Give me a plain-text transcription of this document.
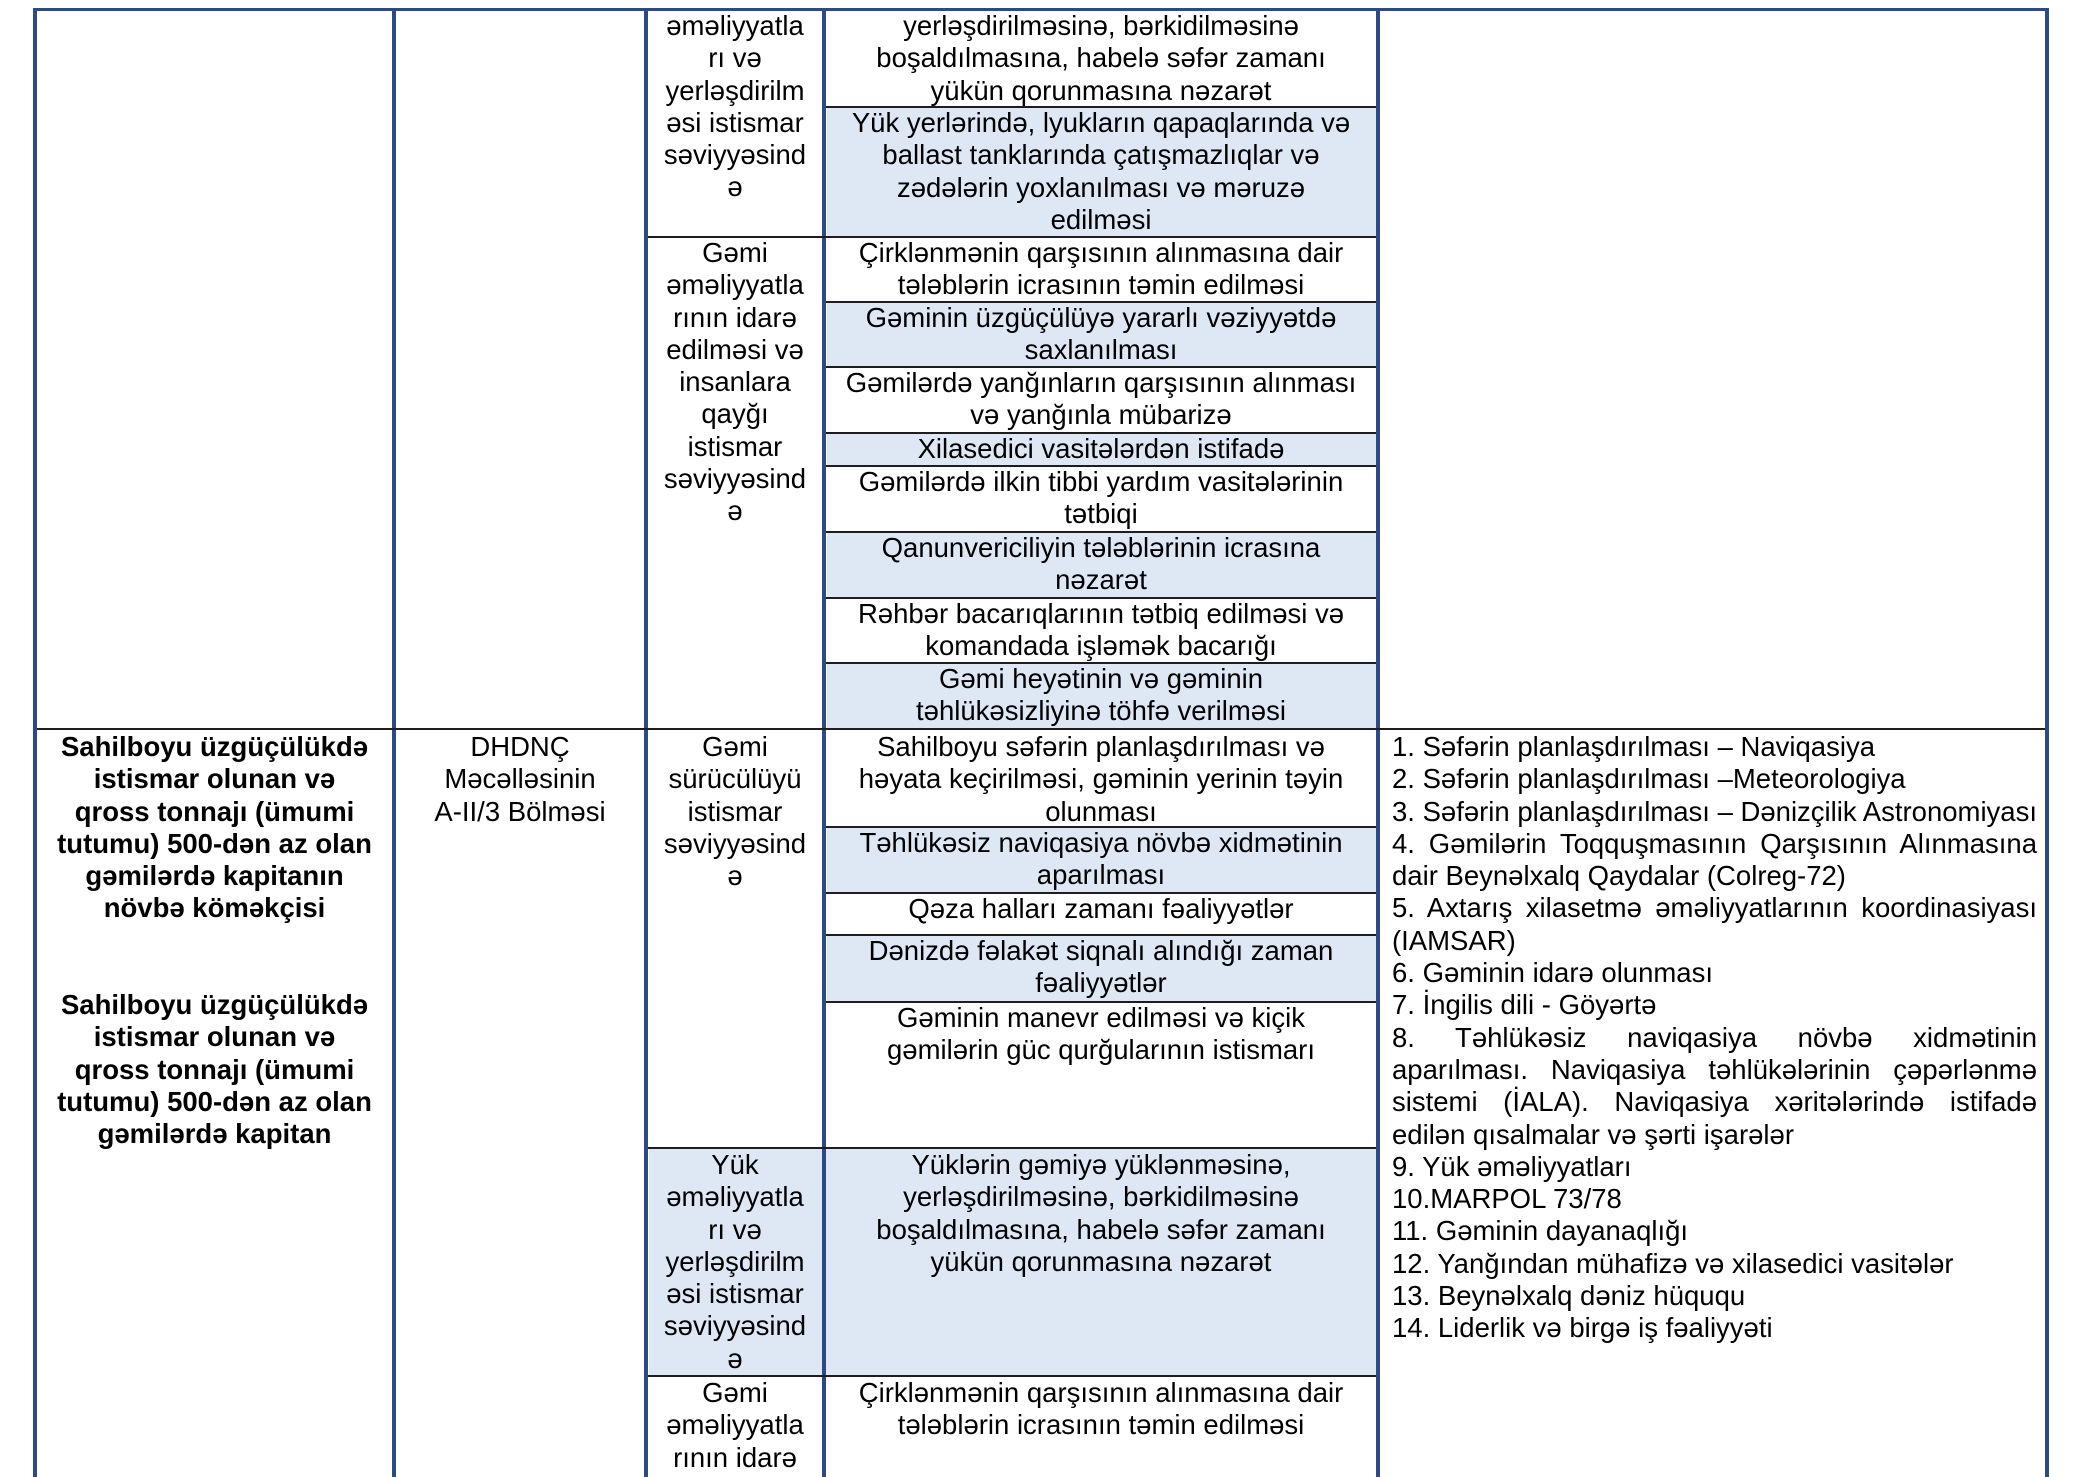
əməliyyatla
rı və
yerləşdirilm
əsi istismar
səviyyəsind
ə
Gəmi
əməliyyatla
rının idarə
edilməsi və
insanlara
qayğı
istismar
səviyyəsind
ə
yerləşdirilməsinə, bərkidilməsinə
boşaldılmasına, habelə səfər zamanı
yükün qorunmasına nəzarət
Yük yerlərində, lyukların qapaqlarında və
ballast tanklarında çatışmazlıqlar və
zədələrin yoxlanılması və məruzə
edilməsi
Çirklənmənin qarşısının alınmasına dair
tələblərin icrasının təmin edilməsi
Gəminin üzgüçülüyə yararlı vəziyyətdə
saxlanılması
Gəmilərdə yanğınların qarşısının alınması
və yanğınla mübarizə
Xilasedici vasitələrdən istifadə
Gəmilərdə ilkin tibbi yardım vasitələrinin
tətbiqi
Qanunvericiliyin tələblərinin icrasına
nəzarət
Rəhbər bacarıqlarının tətbiq edilməsi və
komandada işləmək bacarığı
Gəmi heyətinin və gəminin
təhlükəsizliyinə töhfə verilməsi
Sahilboyu üzgüçülükdə
istismar olunan və
qross tonnajı (ümumi
tutumu) 500-dən az olan
gəmilərdə kapitanın
növbə köməkçisi
Sahilboyu üzgüçülükdə
istismar olunan və
qross tonnajı (ümumi
tutumu) 500-dən az olan
gəmilərdə kapitan
DHDNÇ
Məcəlləsinin
A-II/3 Bölməsi
Gəmi
sürücülüyü
istismar
səviyyəsind
ə
Yük
əməliyyatla
rı və
yerləşdirilm
əsi istismar
səviyyəsind
ə
Gəmi
əməliyyatla
rının idarə
Sahilboyu səfərin planlaşdırılması və
həyata keçirilməsi, gəminin yerinin təyin
olunması
Təhlükəsiz naviqasiya növbə xidmətinin
aparılması
Qəza halları zamanı fəaliyyətlər
Dənizdə fəlakət siqnalı alındığı zaman
fəaliyyətlər
Gəminin manevr edilməsi və kiçik
gəmilərin güc qurğularının istismarı
Yüklərin gəmiyə yüklənməsinə,
yerləşdirilməsinə, bərkidilməsinə
boşaldılmasına, habelə səfər zamanı
yükün qorunmasına nəzarət
Çirklənmənin qarşısının alınmasına dair
tələblərin icrasının təmin edilməsi
1. Səfərin planlaşdırılması – Naviqasiya
2. Səfərin planlaşdırılması –Meteorologiya
3. Səfərin planlaşdırılması – Dənizçilik Astronomiyası
4. Gəmilərin Toqquşmasının Qarşısının Alınmasına dair Beynəlxalq Qaydalar (Colreg-72)
5. Axtarış xilasetmə əməliyyatlarının koordinasiyası (IAMSAR)
6. Gəminin idarə olunması
7. İngilis dili - Göyərtə
8. Təhlükəsiz naviqasiya növbə xidmətinin aparılması. Naviqasiya təhlükələrinin çəpərlənmə sistemi (İALA). Naviqasiya xəritələrində istifadə edilən qısalmalar və şərti işarələr
9. Yük əməliyyatları
10.MARPOL 73/78
11. Gəminin dayanaqlığı
12. Yanğından mühafizə və xilasedici vasitələr
13. Beynəlxalq dəniz hüququ
14. Liderlik və birgə iş fəaliyyəti
